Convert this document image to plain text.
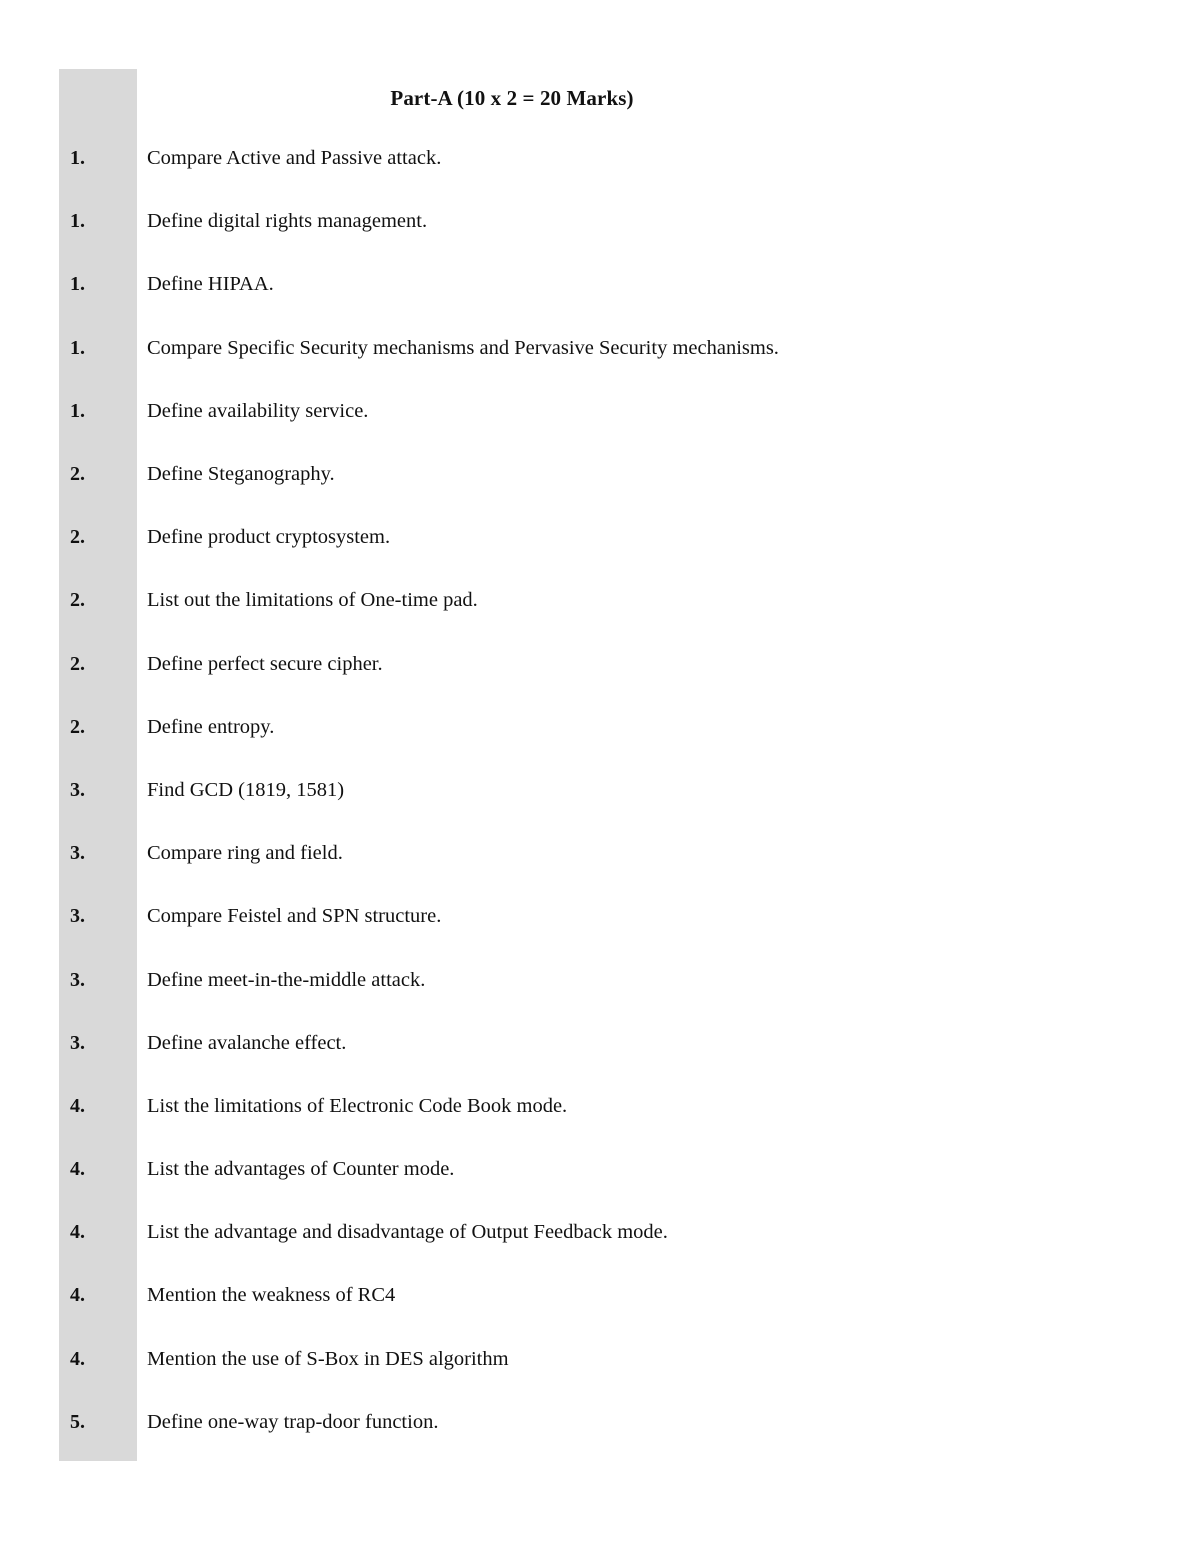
Part-A (10 x 2 = 20 Marks)
1.	Compare Active and Passive attack.
1.	Define digital rights management.
1.	Define HIPAA.
1.	Compare Specific Security mechanisms and Pervasive Security mechanisms.
1.	Define availability service.
2.	Define Steganography.
2.	Define product cryptosystem.
2.	List out the limitations of One-time pad.
2.	Define perfect secure cipher.
2.	Define entropy.
3.	Find GCD (1819, 1581)
3.	Compare ring and field.
3.	Compare Feistel and SPN structure.
3.	Define meet-in-the-middle attack.
3.	Define avalanche effect.
4.	List the limitations of Electronic Code Book mode.
4.	List the advantages of Counter mode.
4.	List the advantage and disadvantage of Output Feedback mode.
4.	Mention the weakness of RC4
4.	Mention the use of S-Box in DES algorithm
5.	Define one-way trap-door function.
